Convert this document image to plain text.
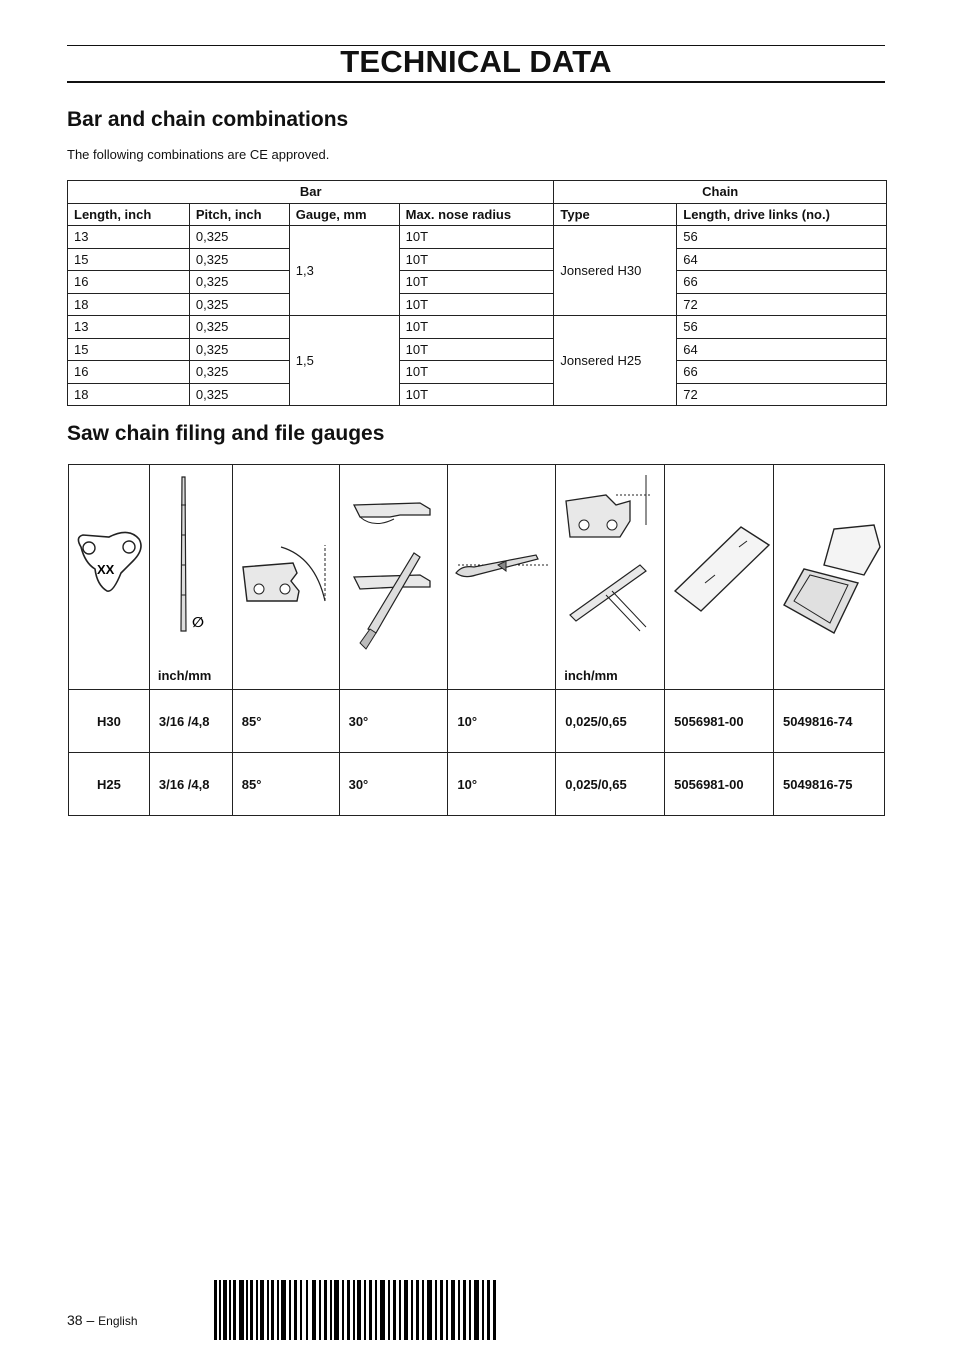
TECHNICAL DATA
Bar and chain combinations
The following combinations are CE approved.
Bar				Chain	
Length, inch	Pitch, inch	Gauge, mm	Max. nose radius	Type	Length, drive links (no.)
13	0,325	1,3	10T	Jonsered H30	56
15	0,325		10T		64
16	0,325		10T		66
18	0,325		10T		72
13	0,325	1,5	10T	Jonsered H25	56
15	0,325		10T		64
16	0,325		10T		66
18	0,325		10T		72
Saw chain filing and file gauges
XX	∅
inch/mm				inch/mm

H30	3/16 /4,8	85°	30°	10°	0,025/0,65	5056981-00	5049816-74
H25	3/16 /4,8	85°	30°	10°	0,025/0,65	5056981-00	5049816-75
38 – English
